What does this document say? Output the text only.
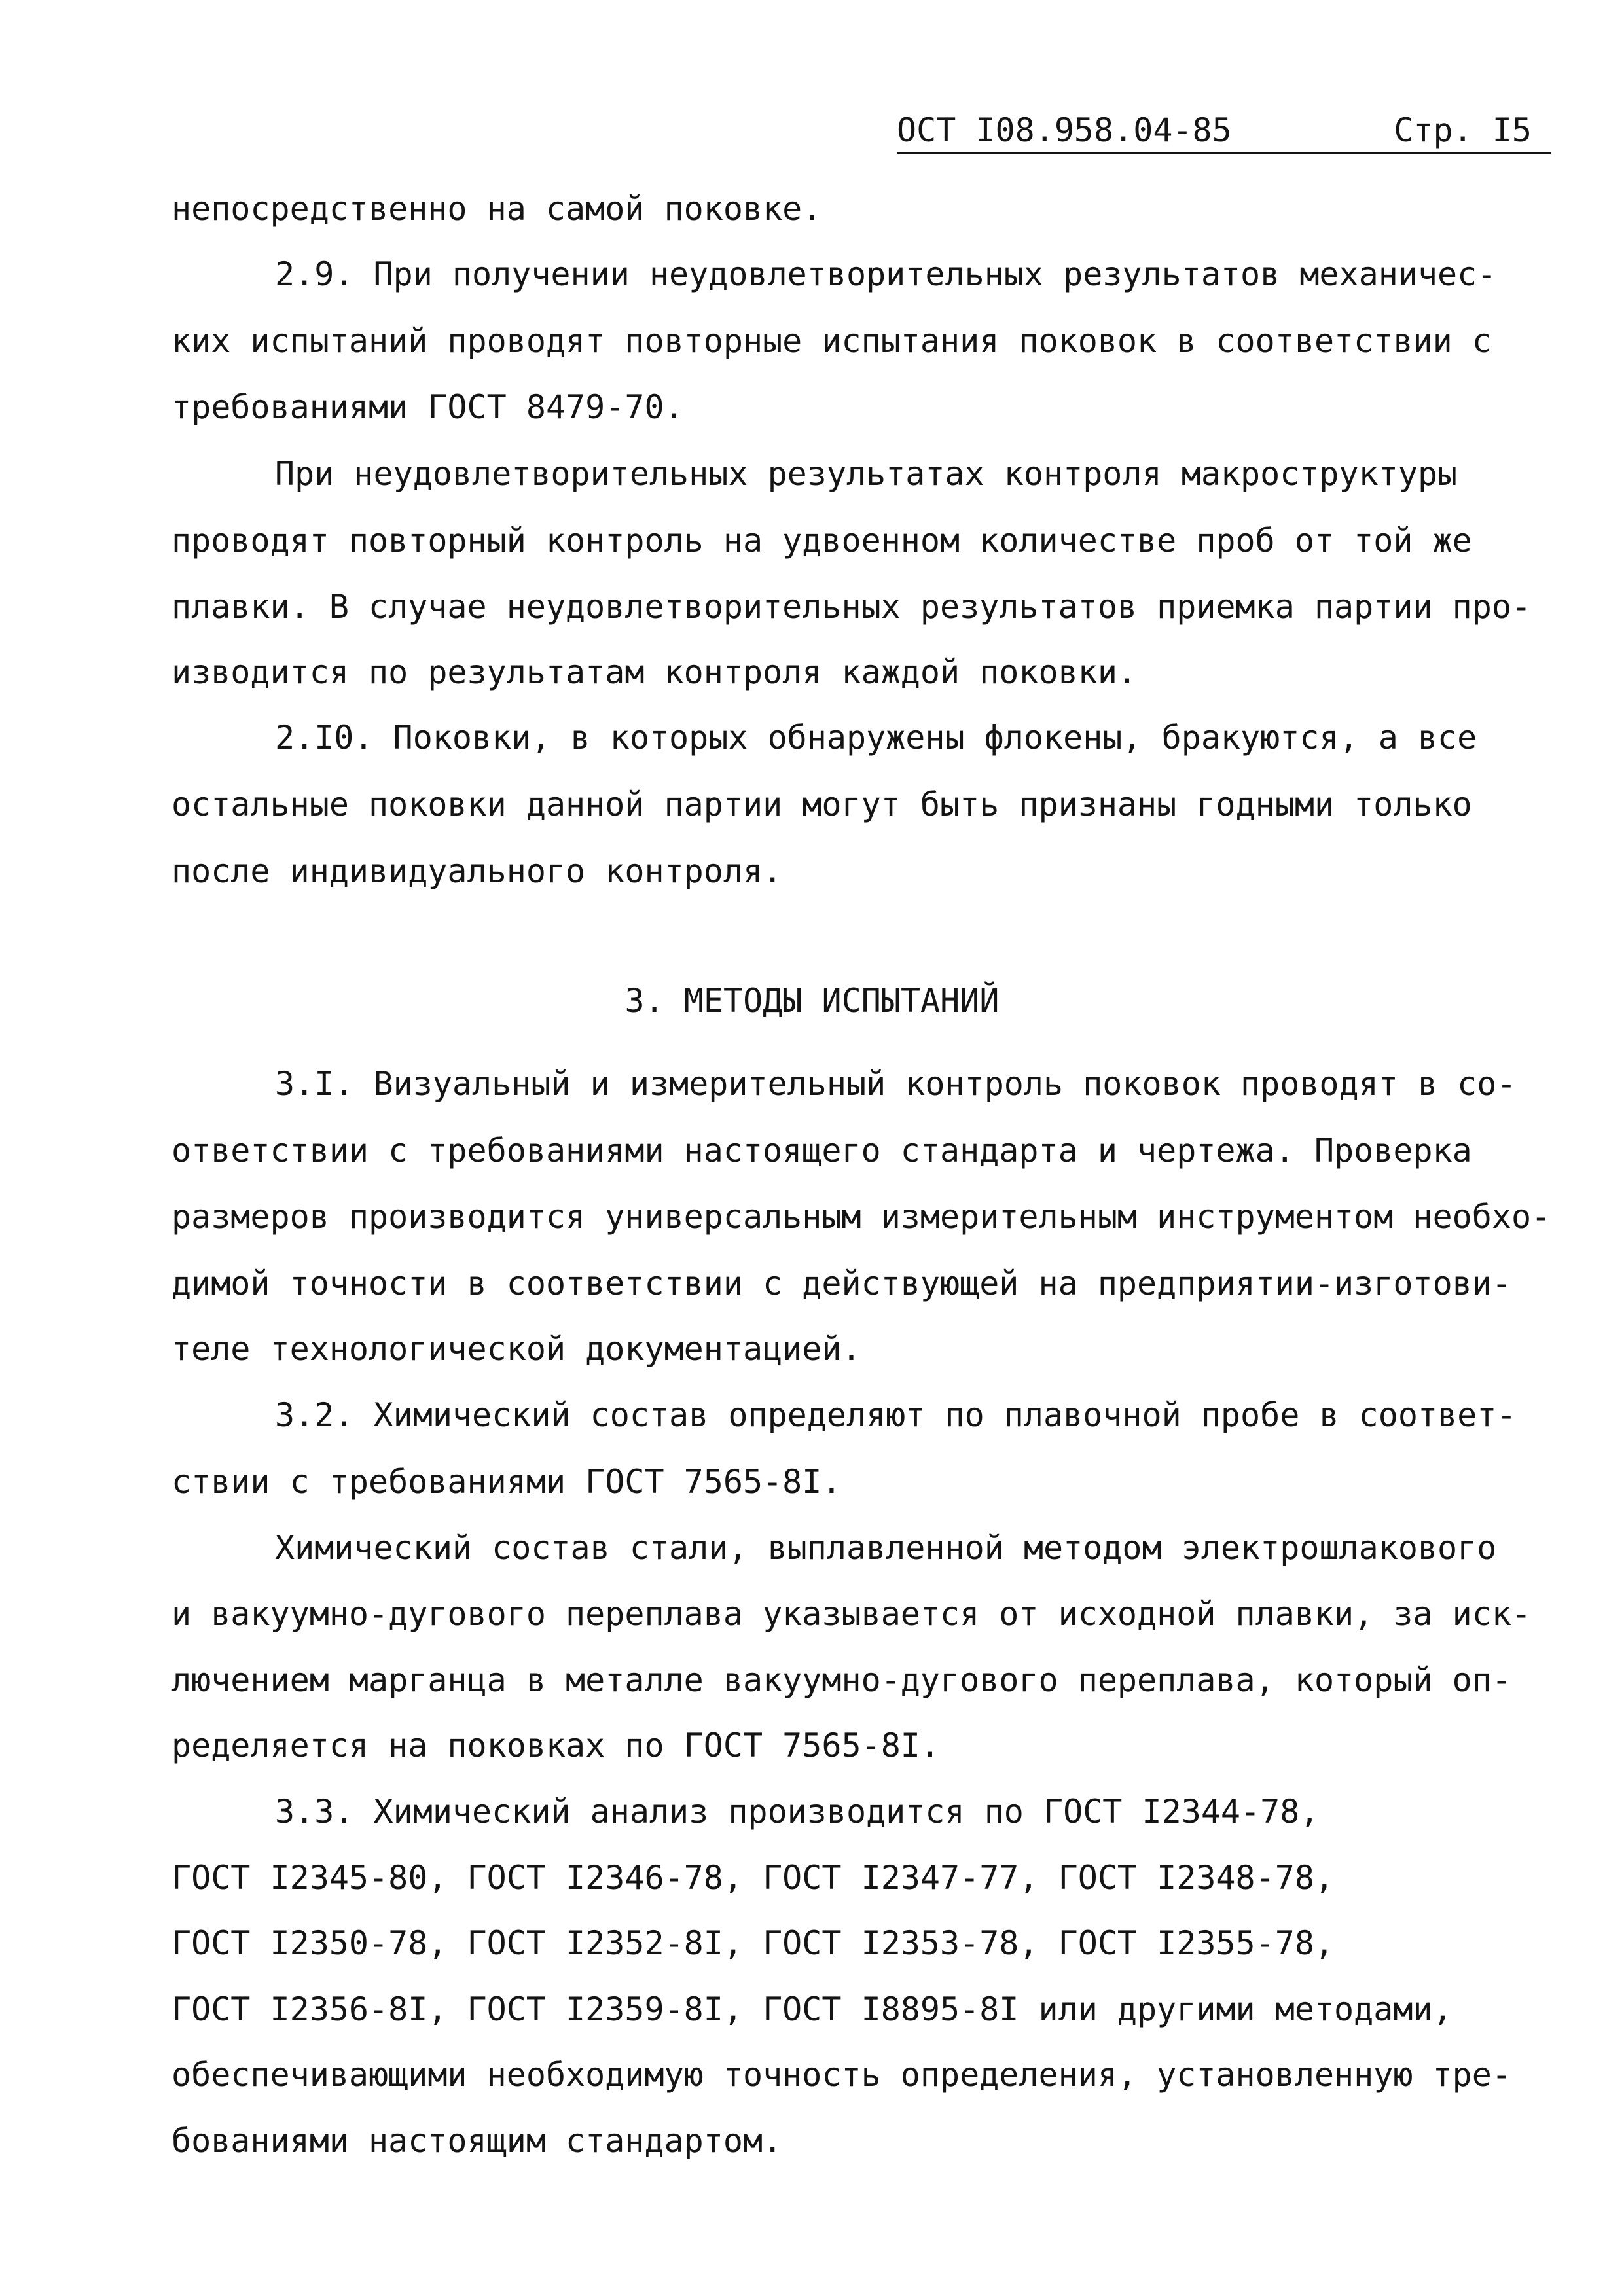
ОСТ I08.958.04-85	Стр. I5
непосредственно на самой поковке.
2.9. При получении неудовлетворительных результатов механичес-
ких испытаний проводят повторные испытания поковок в соответствии с
требованиями ГОСТ 8479-70.
При неудовлетворительных результатах контроля макроструктуры
проводят повторный контроль на удвоенном количестве проб от той же
плавки. В случае неудовлетворительных результатов приемка партии про-
изводится по результатам контроля каждой поковки.
2.I0. Поковки, в которых обнаружены флокены, бракуются, а все
остальные поковки данной партии могут быть признаны годными только
после индивидуального контроля.
3. МЕТОДЫ ИСПЫТАНИЙ
3.I. Визуальный и измерительный контроль поковок проводят в со-
ответствии с требованиями настоящего стандарта и чертежа. Проверка
размеров производится универсальным измерительным инструментом необхо-
димой точности в соответствии с действующей на предприятии-изготови-
теле технологической документацией.
3.2. Химический состав определяют по плавочной пробе в соответ-
ствии с требованиями ГОСТ 7565-8I.
Химический состав стали, выплавленной методом электрошлакового
и вакуумно-дугового переплава указывается от исходной плавки, за иск-
лючением марганца в металле вакуумно-дугового переплава, который оп-
ределяется на поковках по ГОСТ 7565-8I.
3.3. Химический анализ производится по ГОСТ I2344-78,
ГОСТ I2345-80, ГОСТ I2346-78, ГОСТ I2347-77, ГОСТ I2348-78,
ГОСТ I2350-78, ГОСТ I2352-8I, ГОСТ I2353-78, ГОСТ I2355-78,
ГОСТ I2356-8I, ГОСТ I2359-8I, ГОСТ I8895-8I или другими методами,
обеспечивающими необходимую точность определения, установленную тре-
бованиями настоящим стандартом.
